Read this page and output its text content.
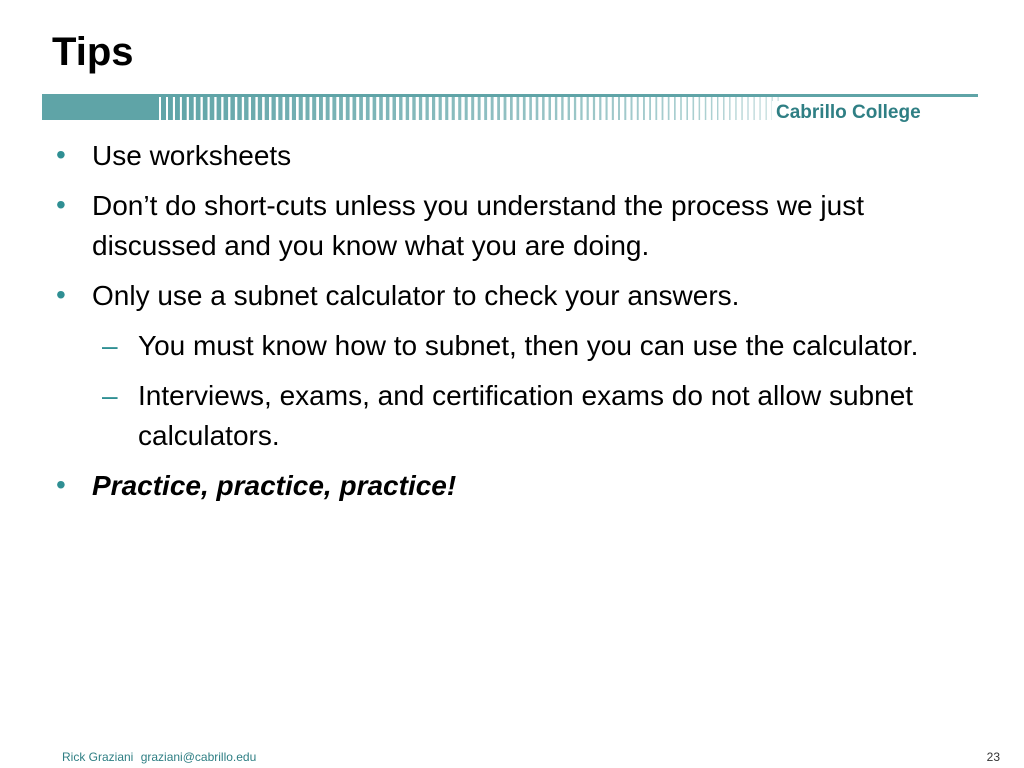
Tips
Cabrillo College
• Use worksheets
• Don’t do short-cuts unless you understand the process we just discussed and you know what you are doing.
• Only use a subnet calculator to check your answers.
– You must know how to subnet, then you can use the calculator.
– Interviews, exams, and certification exams do not allow subnet calculators.
• Practice, practice, practice!
Rick Graziani graziani@cabrillo.edu	23
